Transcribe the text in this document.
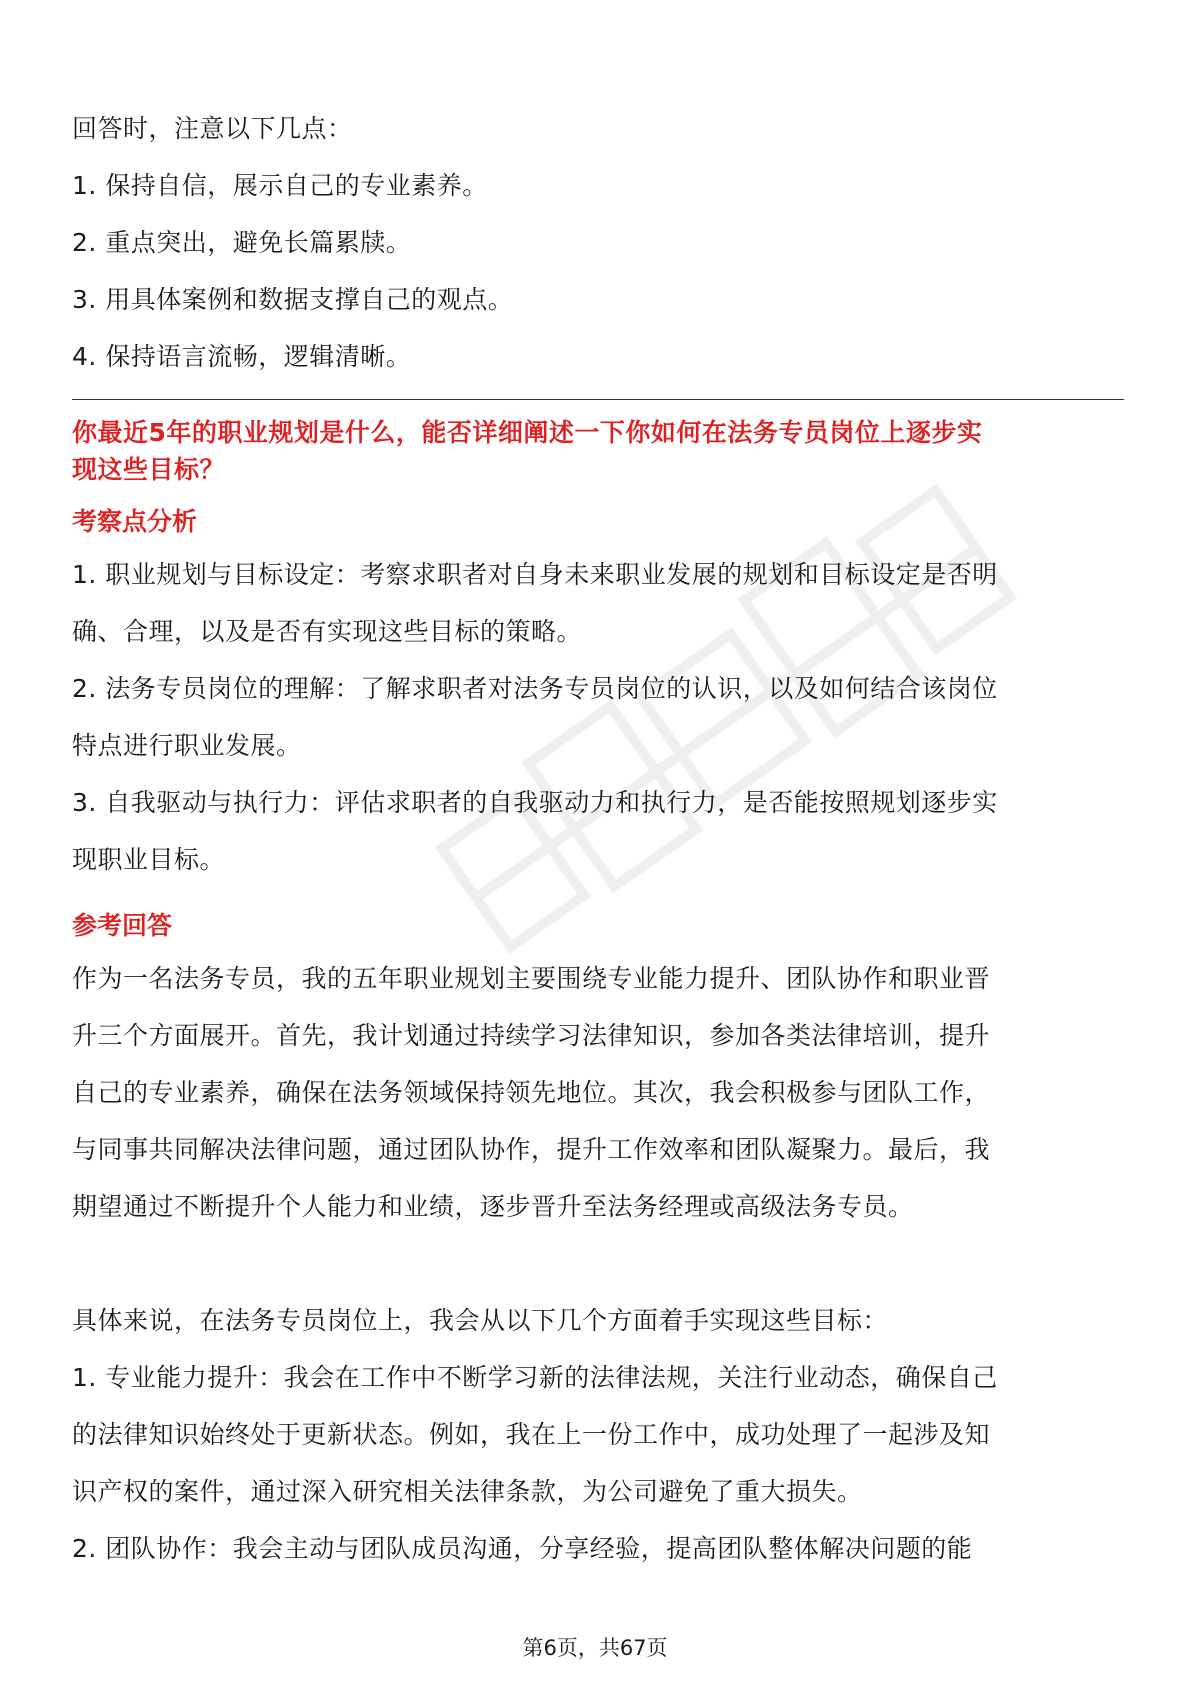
回答时，注意以下几点：

1. 保持自信，展示自己的专业素养。

2. 重点突出，避免长篇累牍。

3. 用具体案例和数据支撑自己的观点。

4. 保持语言流畅，逻辑清晰。

你最近5年的职业规划是什么，能否详细阐述一下你如何在法务专员岗位上逐步实

现这些目标？

考察点分析

1. 职业规划与目标设定：考察求职者对自身未来职业发展的规划和目标设定是否明

确、合理，以及是否有实现这些目标的策略。

2. 法务专员岗位的理解：了解求职者对法务专员岗位的认识，以及如何结合该岗位

特点进行职业发展。

3. 自我驱动与执行力：评估求职者的自我驱动力和执行力，是否能按照规划逐步实

现职业目标。

参考回答

作为一名法务专员，我的五年职业规划主要围绕专业能力提升、团队协作和职业晋

升三个方面展开。首先，我计划通过持续学习法律知识，参加各类法律培训，提升

自己的专业素养，确保在法务领域保持领先地位。其次，我会积极参与团队工作，

与同事共同解决法律问题，通过团队协作，提升工作效率和团队凝聚力。最后，我

期望通过不断提升个人能力和业绩，逐步晋升至法务经理或高级法务专员。

具体来说，在法务专员岗位上，我会从以下几个方面着手实现这些目标：

1. 专业能力提升：我会在工作中不断学习新的法律法规，关注行业动态，确保自己

的法律知识始终处于更新状态。例如，我在上一份工作中，成功处理了一起涉及知

识产权的案件，通过深入研究相关法律条款，为公司避免了重大损失。

2. 团队协作：我会主动与团队成员沟通，分享经验，提高团队整体解决问题的能

第6页，共67页
